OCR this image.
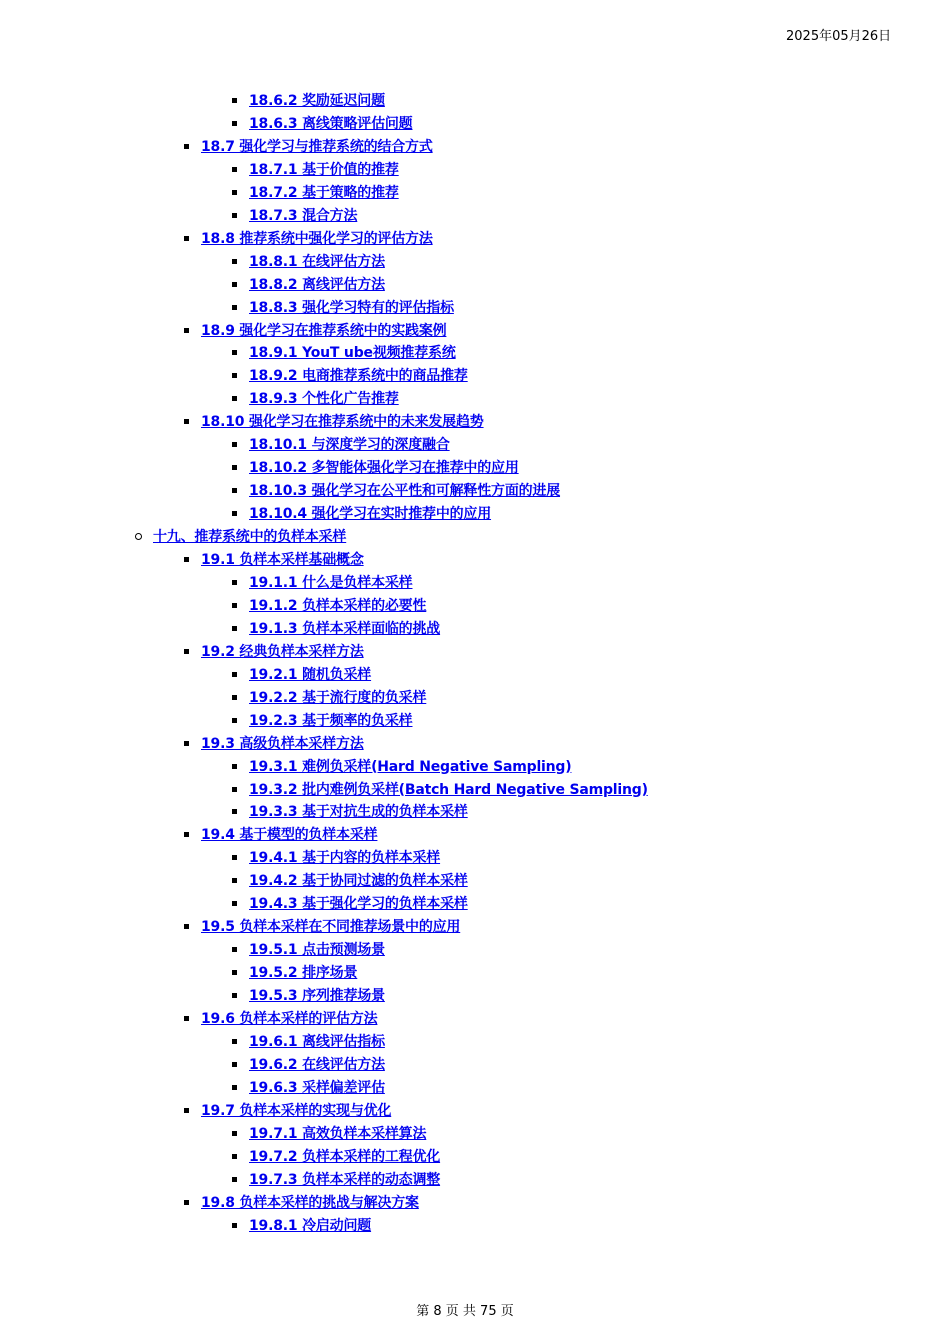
2025年05月26日
18.6.2 奖励延迟问题
18.6.3 离线策略评估问题
18.7 强化学习与推荐系统的结合方式
18.7.1 基于价值的推荐
18.7.2 基于策略的推荐
18.7.3 混合方法
18.8 推荐系统中强化学习的评估方法
18.8.1 在线评估方法
18.8.2 离线评估方法
18.8.3 强化学习特有的评估指标
18.9 强化学习在推荐系统中的实践案例
18.9.1 YouT ube视频推荐系统
18.9.2 电商推荐系统中的商品推荐
18.9.3 个性化广告推荐
18.10 强化学习在推荐系统中的未来发展趋势
18.10.1 与深度学习的深度融合
18.10.2 多智能体强化学习在推荐中的应用
18.10.3 强化学习在公平性和可解释性方面的进展
18.10.4 强化学习在实时推荐中的应用
十九、推荐系统中的负样本采样
19.1 负样本采样基础概念
19.1.1 什么是负样本采样
19.1.2 负样本采样的必要性
19.1.3 负样本采样面临的挑战
19.2 经典负样本采样方法
19.2.1 随机负采样
19.2.2 基于流行度的负采样
19.2.3 基于频率的负采样
19.3 高级负样本采样方法
19.3.1 难例负采样(Hard Negative Sampling)
19.3.2 批内难例负采样(Batch Hard Negative Sampling)
19.3.3 基于对抗生成的负样本采样
19.4 基于模型的负样本采样
19.4.1 基于内容的负样本采样
19.4.2 基于协同过滤的负样本采样
19.4.3 基于强化学习的负样本采样
19.5 负样本采样在不同推荐场景中的应用
19.5.1 点击预测场景
19.5.2 排序场景
19.5.3 序列推荐场景
19.6 负样本采样的评估方法
19.6.1 离线评估指标
19.6.2 在线评估方法
19.6.3 采样偏差评估
19.7 负样本采样的实现与优化
19.7.1 高效负样本采样算法
19.7.2 负样本采样的工程优化
19.7.3 负样本采样的动态调整
19.8 负样本采样的挑战与解决方案
19.8.1 冷启动问题
第 8 页 共 75 页
